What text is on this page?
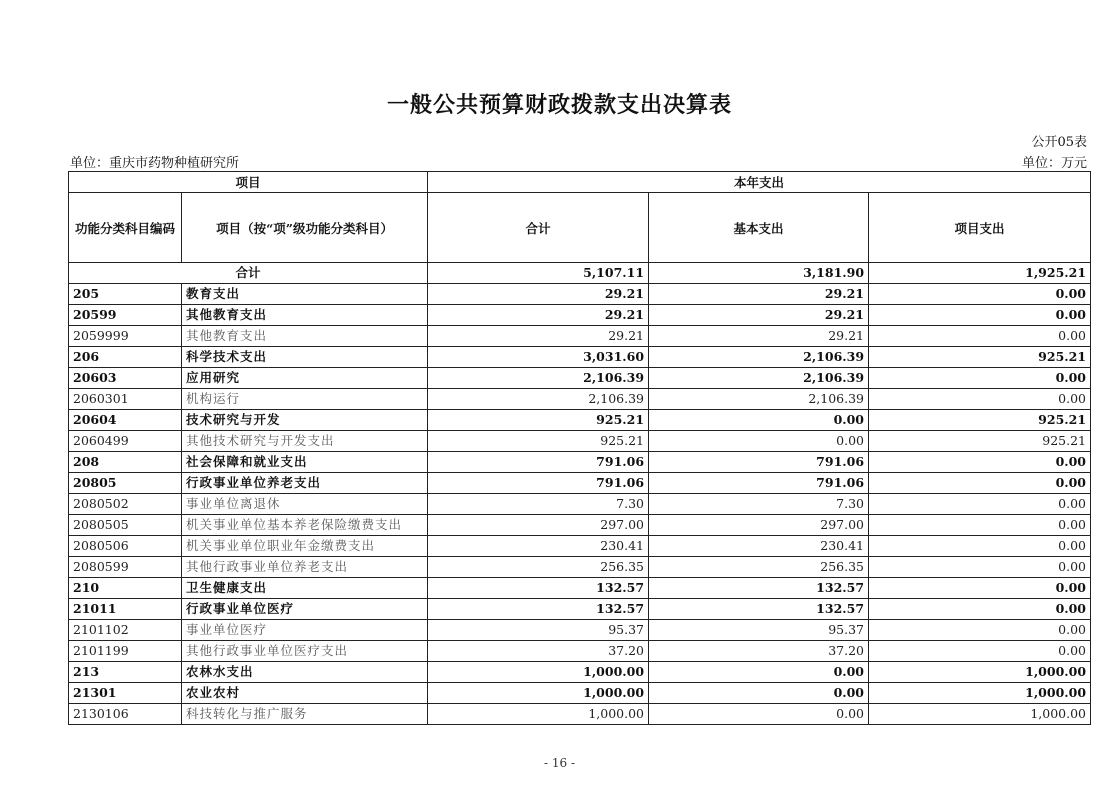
一般公共预算财政拨款支出决算表
公开05表
单位：重庆市药物种植研究所	单位：万元
项目		本年支出		
功能分类科目编码	项目（按“项”级功能分类科目）	合计	基本支出	项目支出
合计		5,107.11	3,181.90	1,925.21
205	教育支出	29.21	29.21	0.00
20599	其他教育支出	29.21	29.21	0.00
2059999	其他教育支出	29.21	29.21	0.00
206	科学技术支出	3,031.60	2,106.39	925.21
20603	应用研究	2,106.39	2,106.39	0.00
2060301	机构运行	2,106.39	2,106.39	0.00
20604	技术研究与开发	925.21	0.00	925.21
2060499	其他技术研究与开发支出	925.21	0.00	925.21
208	社会保障和就业支出	791.06	791.06	0.00
20805	行政事业单位养老支出	791.06	791.06	0.00
2080502	事业单位离退休	7.30	7.30	0.00
2080505	机关事业单位基本养老保险缴费支出	297.00	297.00	0.00
2080506	机关事业单位职业年金缴费支出	230.41	230.41	0.00
2080599	其他行政事业单位养老支出	256.35	256.35	0.00
210	卫生健康支出	132.57	132.57	0.00
21011	行政事业单位医疗	132.57	132.57	0.00
2101102	事业单位医疗	95.37	95.37	0.00
2101199	其他行政事业单位医疗支出	37.20	37.20	0.00
213	农林水支出	1,000.00	0.00	1,000.00
21301	农业农村	1,000.00	0.00	1,000.00
2130106	科技转化与推广服务	1,000.00	0.00	1,000.00
- 16 -
